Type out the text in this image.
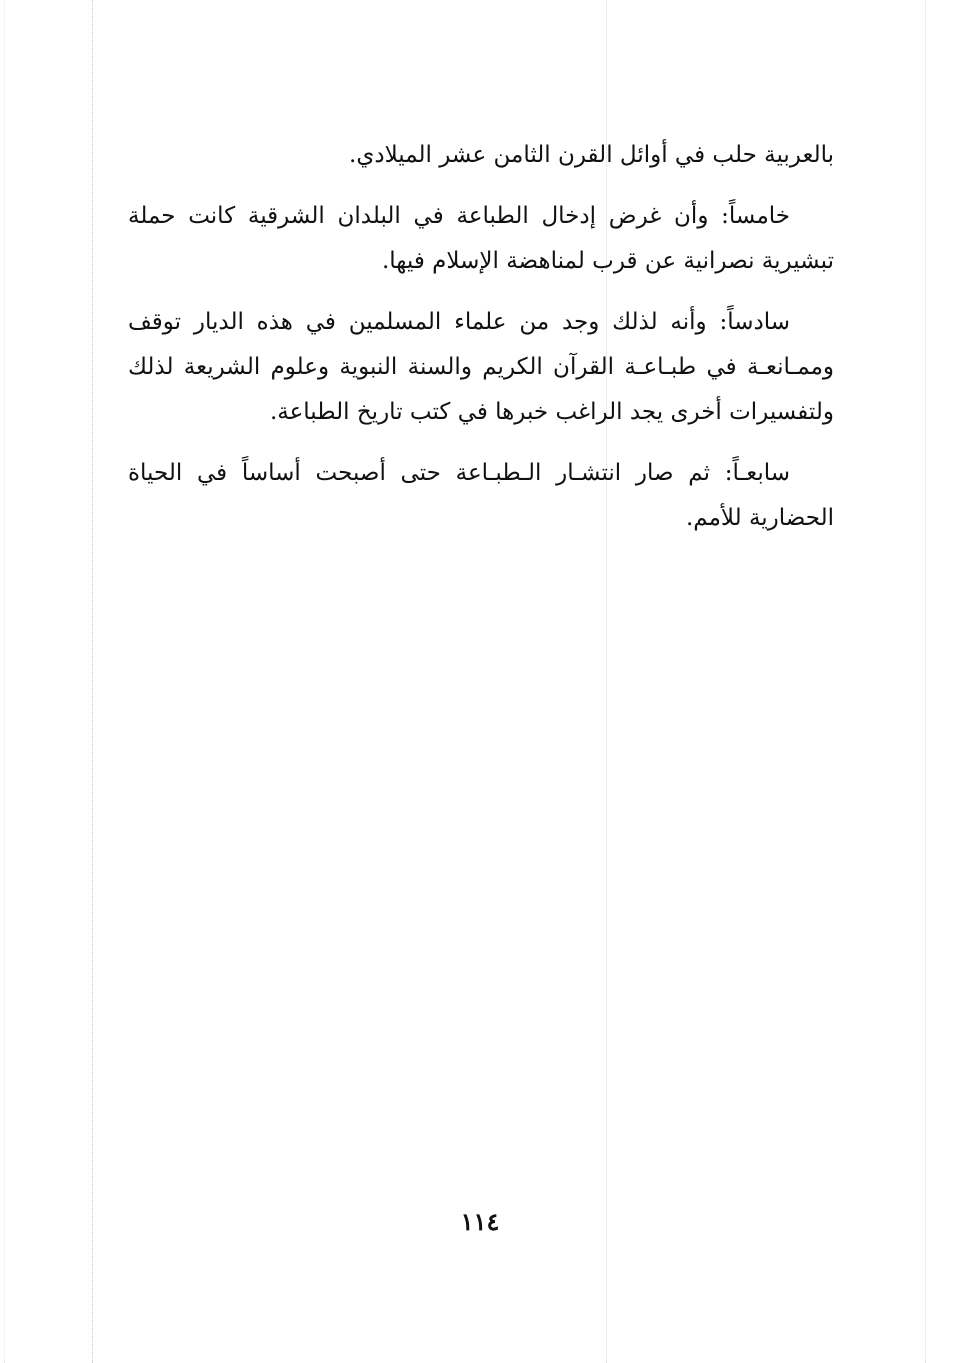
بالعربية حلب في أوائل القرن الثامن عشر الميلادي.
خامساً: وأن غرض إدخال الطباعة في البلدان الشرقية كانت حملة
تبشيرية نصرانية عن قرب لمناهضة الإسلام فيها.
سادساً: وأنه لذلك وجد من علماء المسلمين في هذه الديار توقف
وممـانعـة في طبـاعـة القرآن الكريم والسنة النبوية وعلوم الشريعة لذلك
ولتفسيرات أخرى يجد الراغب خبرها في كتب تاريخ الطباعة.
سابعـاً: ثم صار انتشـار الـطبـاعة حتى أصبحت أساساً في الحياة
الحضارية للأمم.
١١٤
